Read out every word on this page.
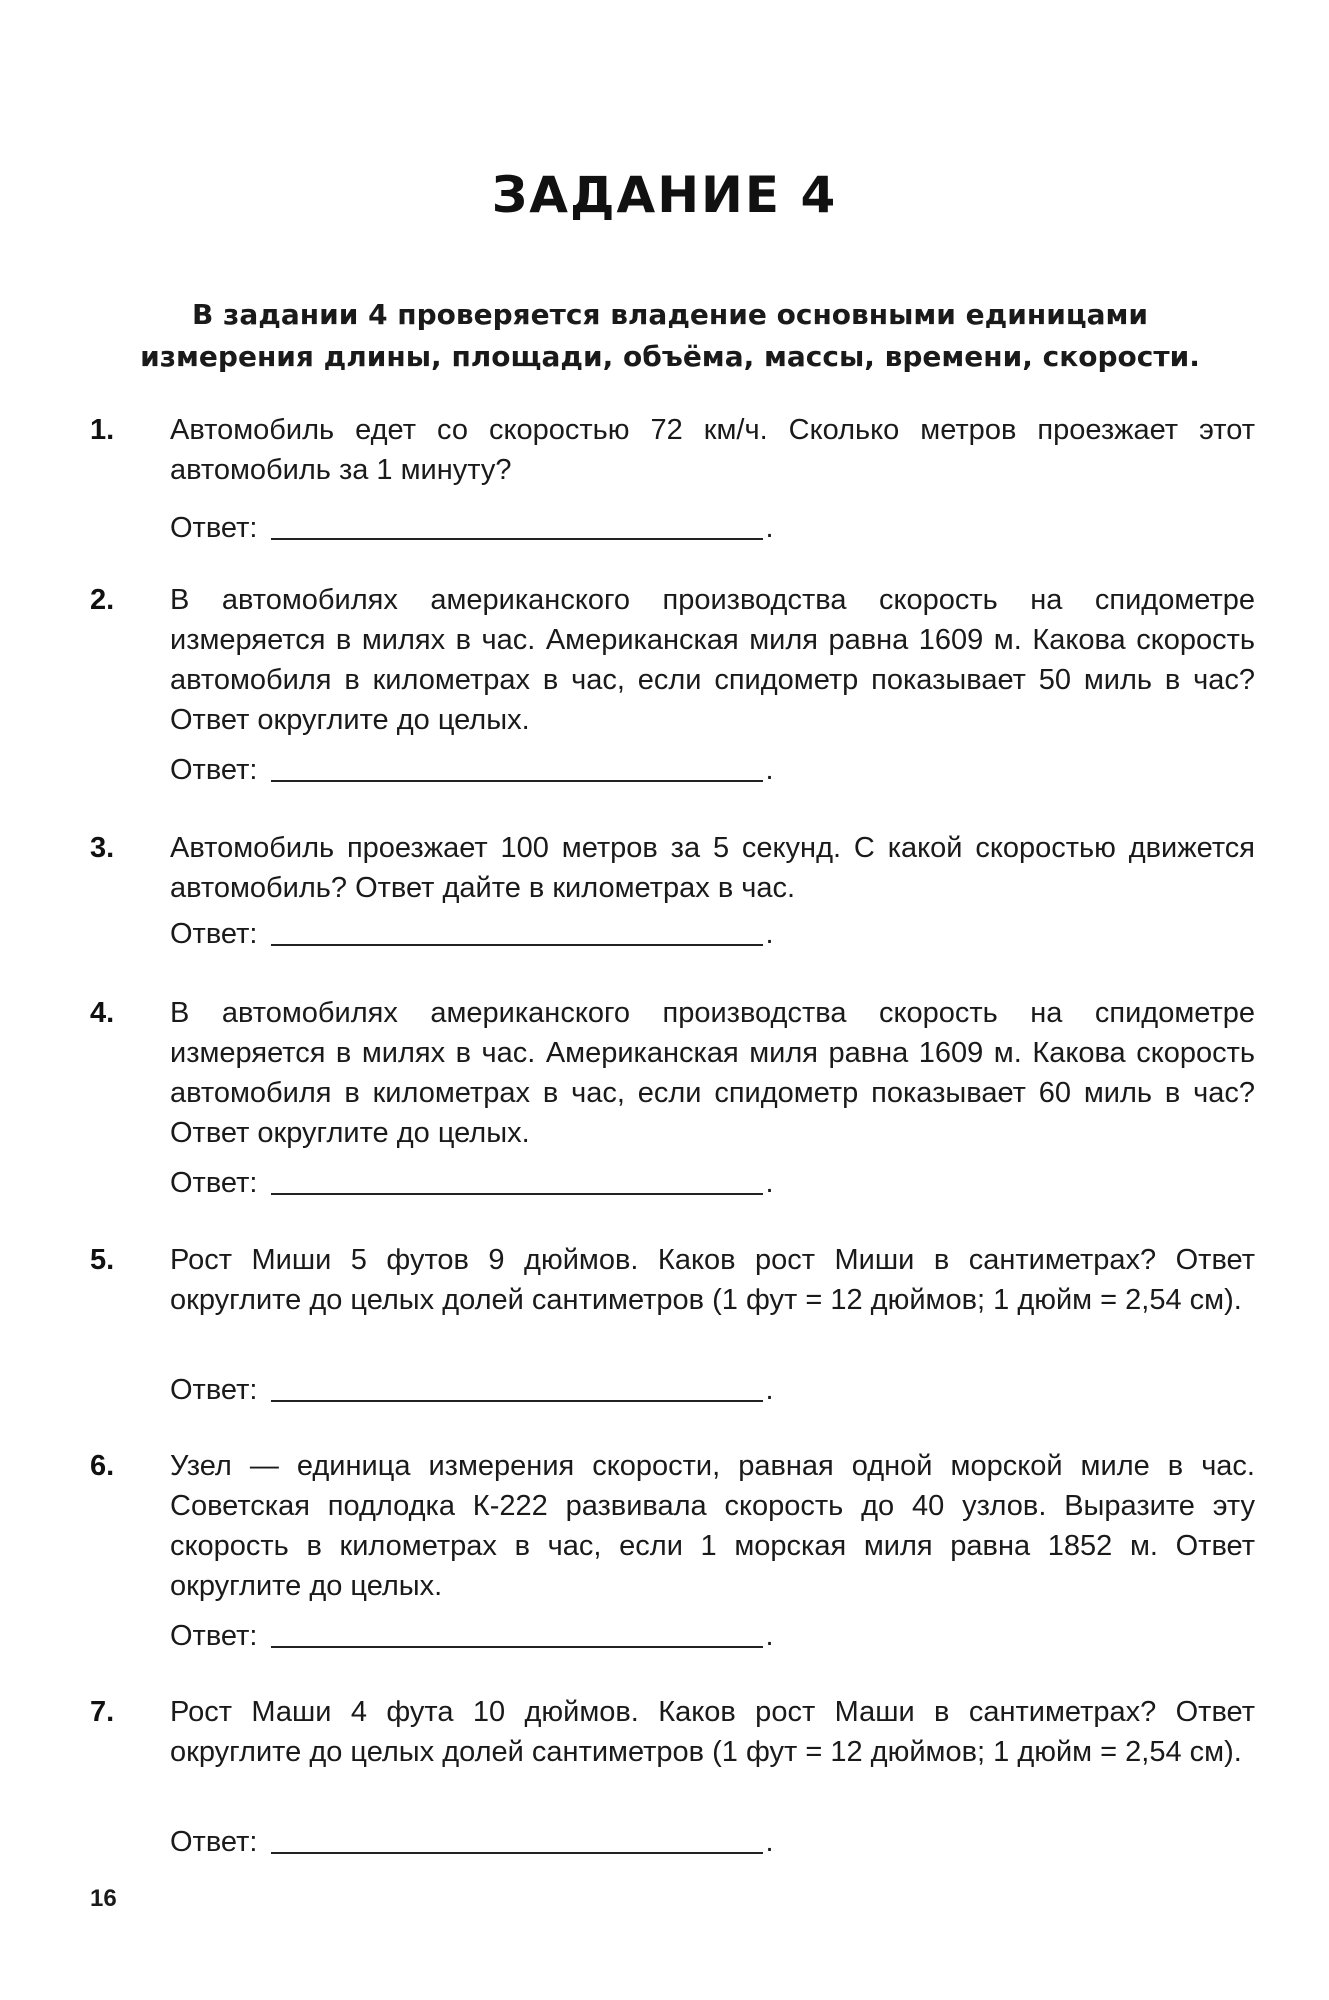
ЗАДАНИЕ 4
В задании 4 проверяется владение основными единицами измерения длины, площади, объёма, массы, времени, скорости.
1.	Автомобиль едет со скоростью 72 км/ч. Сколько метров проезжает этот автомобиль за 1 минуту?
Ответ:	.
2.	В автомобилях американского производства скорость на спидометре измеряется в милях в час. Американская миля равна 1609 м. Какова скорость автомобиля в километрах в час, если спидометр показывает 50 миль в час? Ответ округлите до целых.
Ответ:	.
3.	Автомобиль проезжает 100 метров за 5 секунд. С какой скоростью движется автомобиль? Ответ дайте в километрах в час.
Ответ:	.
4.	В автомобилях американского производства скорость на спидометре измеряется в милях в час. Американская миля равна 1609 м. Какова скорость автомобиля в километрах в час, если спидометр показывает 60 миль в час? Ответ округлите до целых.
Ответ:	.
5.	Рост Миши 5 футов 9 дюймов. Каков рост Миши в сантиметрах? Ответ округлите до целых долей сантиметров (1 фут = 12 дюймов; 1 дюйм = 2,54 см).
Ответ:	.
6.	Узел — единица измерения скорости, равная одной морской миле в час. Советская подлодка К-222 развивала скорость до 40 узлов. Выразите эту скорость в километрах в час, если 1 морская миля равна 1852 м. Ответ округлите до целых.
Ответ:	.
7.	Рост Маши 4 фута 10 дюймов. Каков рост Маши в сантиметрах? Ответ округлите до целых долей сантиметров (1 фут = 12 дюймов; 1 дюйм = 2,54 см).
Ответ:	.
16
